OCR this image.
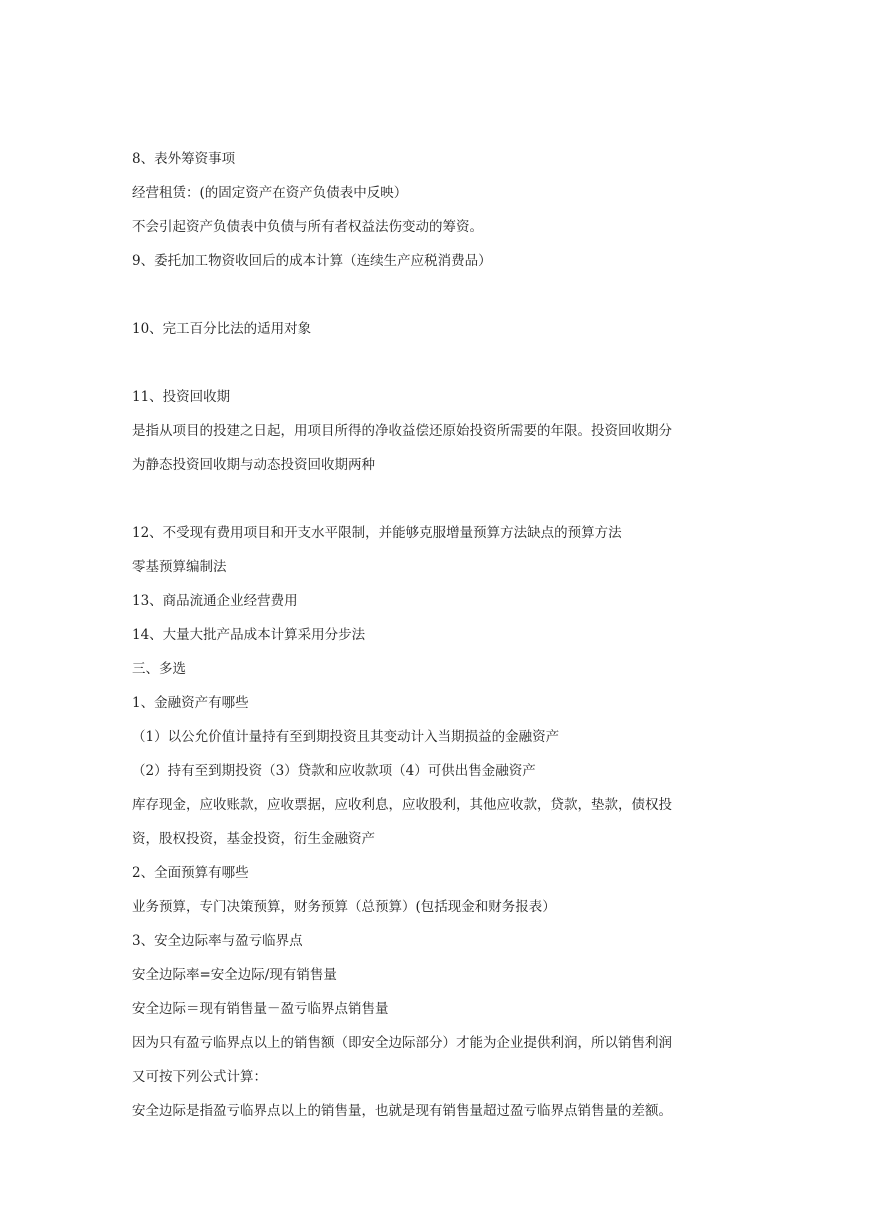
8、表外筹资事项
经营租赁：(的固定资产在资产负债表中反映）
不会引起资产负债表中负债与所有者权益法伤变动的筹资。
9、委托加工物资收回后的成本计算（连续生产应税消费品）
10、完工百分比法的适用对象
11、投资回收期
是指从项目的投建之日起，用项目所得的净收益偿还原始投资所需要的年限。投资回收期分
为静态投资回收期与动态投资回收期两种
12、不受现有费用项目和开支水平限制，并能够克服增量预算方法缺点的预算方法
零基预算编制法
13、商品流通企业经营费用
14、大量大批产品成本计算采用分步法
三、多选
1、金融资产有哪些
（1）以公允价值计量持有至到期投资且其变动计入当期损益的金融资产
（2）持有至到期投资（3）贷款和应收款项（4）可供出售金融资产
库存现金，应收账款，应收票据，应收利息，应收股利，其他应收款，贷款，垫款，债权投
资，股权投资，基金投资，衍生金融资产
2、全面预算有哪些
业务预算，专门决策预算，财务预算（总预算）(包括现金和财务报表）
3、安全边际率与盈亏临界点
安全边际率=安全边际/现有销售量
安全边际＝现有销售量－盈亏临界点销售量
因为只有盈亏临界点以上的销售额（即安全边际部分）才能为企业提供利润，所以销售利润
又可按下列公式计算：
安全边际是指盈亏临界点以上的销售量，也就是现有销售量超过盈亏临界点销售量的差额。
